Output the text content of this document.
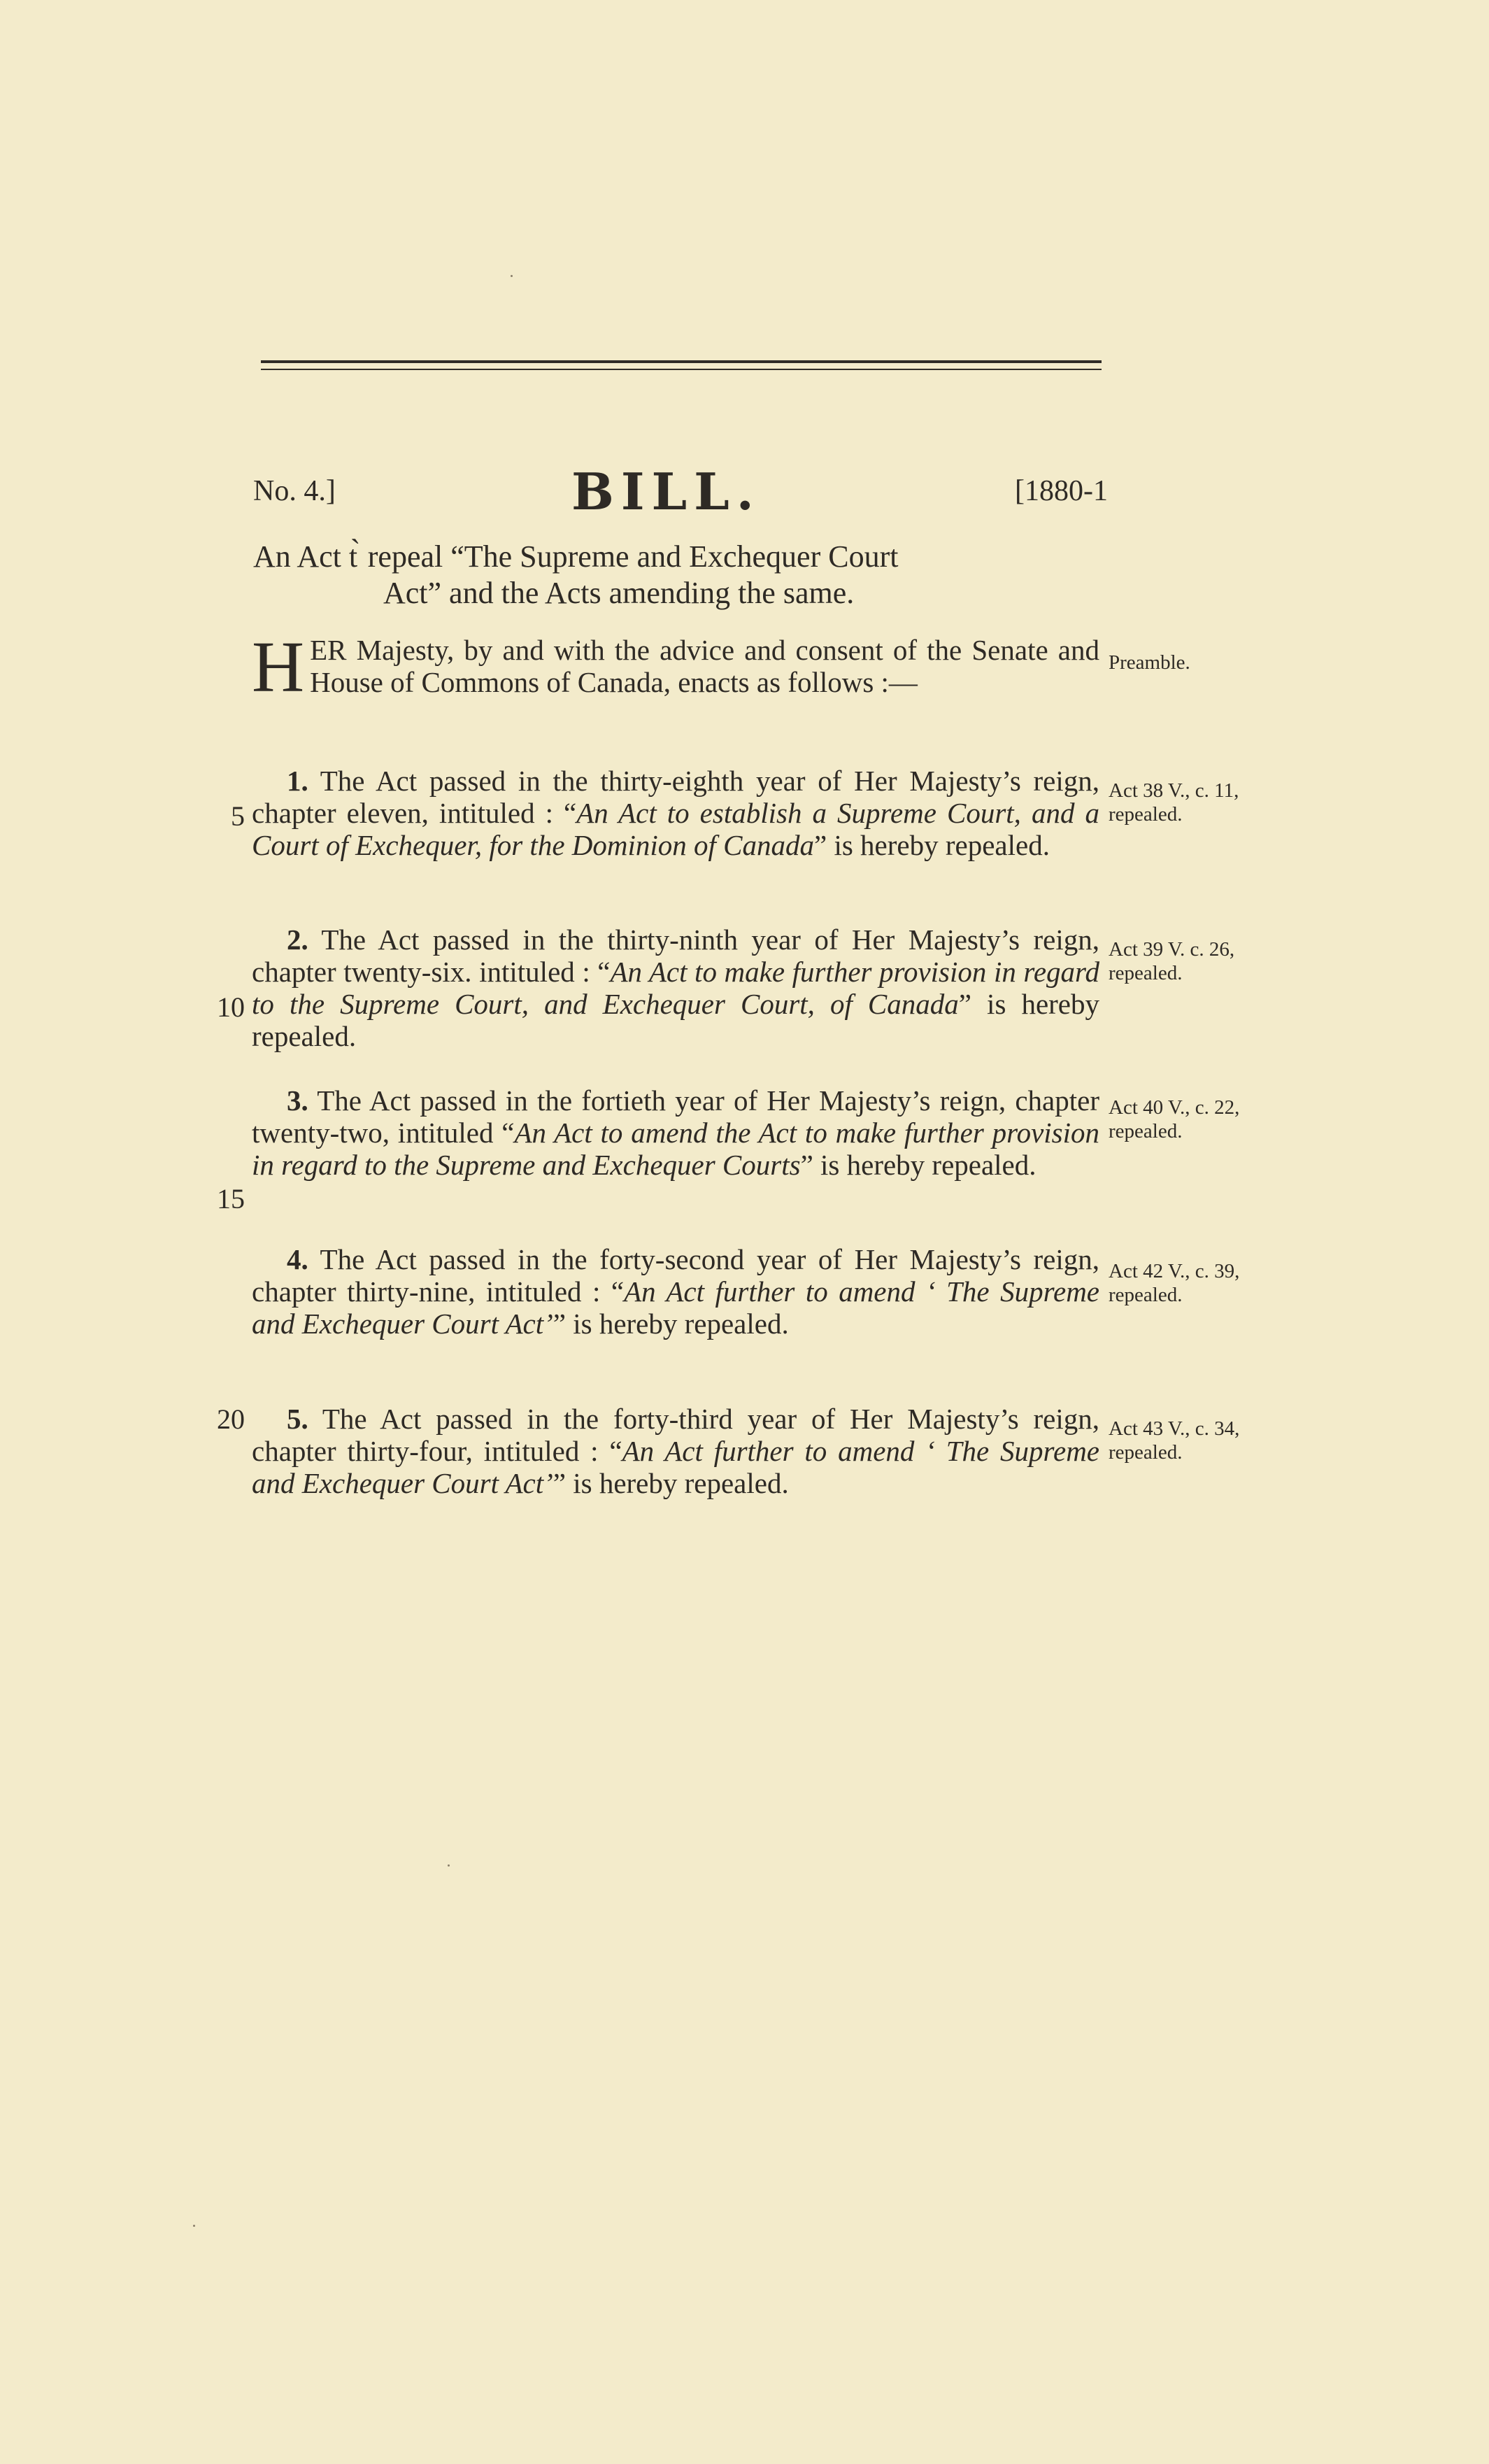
No. 4.]	BILL.	[1880-1
An Act t ̀ repeal “The Supreme and Exchequer Court
Act” and the Acts amending the same.
HER Majesty, by and with the advice and consent of the Senate and House of Commons of Canada, enacts as follows :—
Preamble.
1. The Act passed in the thirty-eighth year of Her Majesty’s reign, chapter eleven, intituled : “An Act to establish a Supreme Court, and a Court of Exchequer, for the Dominion of Canada” is hereby repealed.
Act 38 V., c. 11, repealed.
5
2. The Act passed in the thirty-ninth year of Her Majesty’s reign, chapter twenty-six. intituled : “An Act to make further provision in regard to the Supreme Court, and Exchequer Court, of Canada” is hereby repealed.
Act 39 V. c. 26, repealed.
10
3. The Act passed in the fortieth year of Her Majesty’s reign, chapter twenty-two, intituled “An Act to amend the Act to make further provision in regard to the Supreme and Exchequer Courts” is hereby repealed.
Act 40 V., c. 22, repealed.
15
4. The Act passed in the forty-second year of Her Majesty’s reign, chapter thirty-nine, intituled : “An Act further to amend ‘ The Supreme and Exchequer Court Act’” is hereby repealed.
Act 42 V., c. 39, repealed.
5. The Act passed in the forty-third year of Her Majesty’s reign, chapter thirty-four, intituled : “An Act further to amend ‘ The Supreme and Exchequer Court Act’” is hereby repealed.
Act 43 V., c. 34, repealed.
20
